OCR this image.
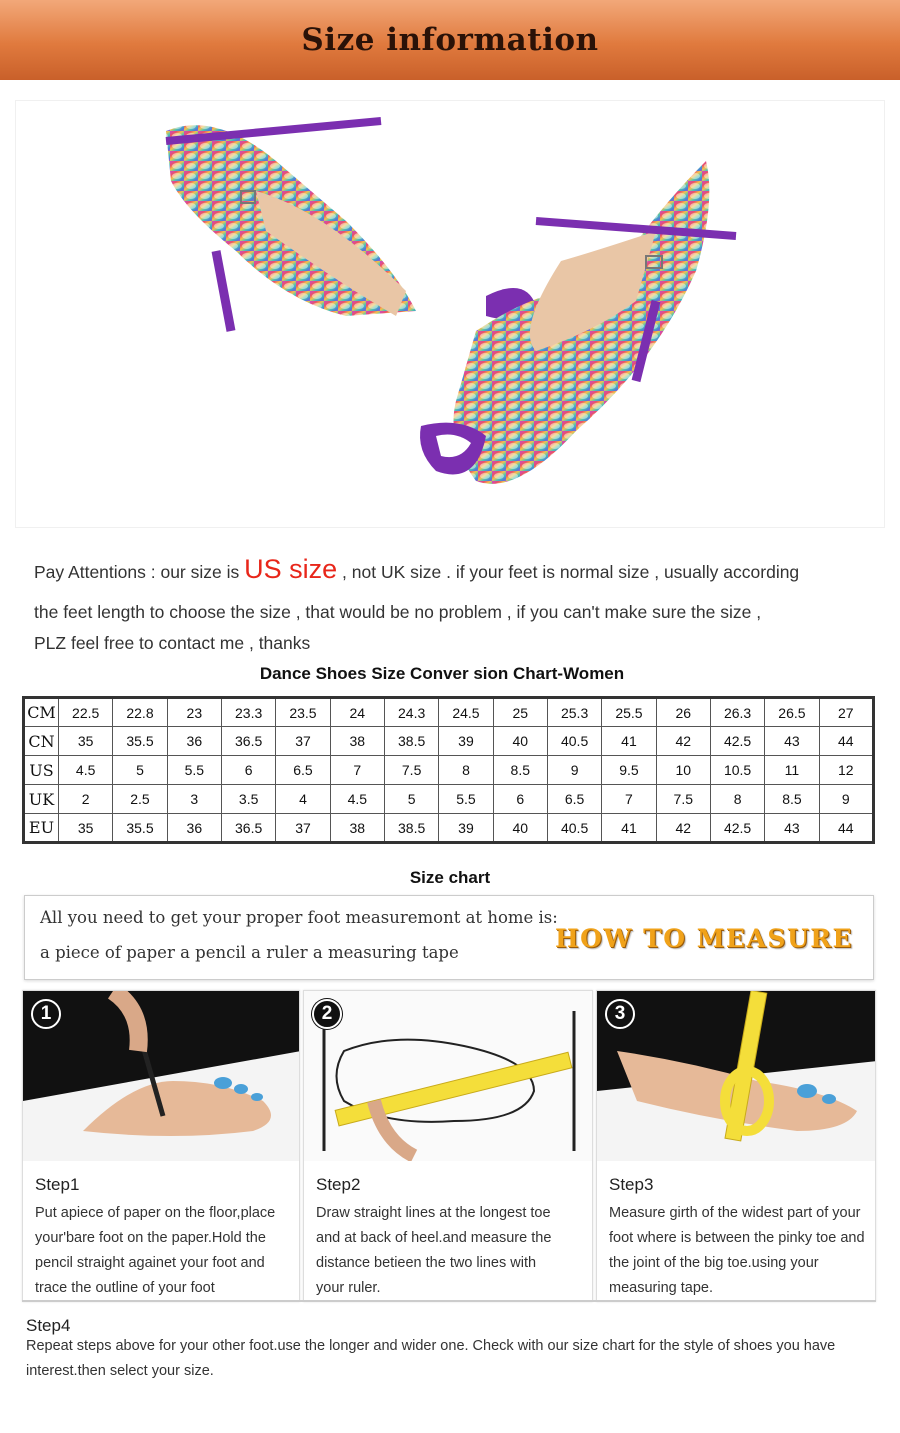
Size information
Pay Attentions : our size is US size , not UK size . if your feet is normal size , usually according
the feet length to choose the size , that would be no problem , if you can't make sure the size ,
PLZ feel free to contact me , thanks
Dance Shoes Size Conver sion Chart-Women
CM	22.5	22.8	23	23.3	23.5	24	24.3	24.5	25	25.3	25.5	26	26.3	26.5	27
CN	35	35.5	36	36.5	37	38	38.5	39	40	40.5	41	42	42.5	43	44
US	4.5	5	5.5	6	6.5	7	7.5	8	8.5	9	9.5	10	10.5	11	12
UK	2	2.5	3	3.5	4	4.5	5	5.5	6	6.5	7	7.5	8	8.5	9
EU	35	35.5	36	36.5	37	38	38.5	39	40	40.5	41	42	42.5	43	44
Size chart
All you need to get your proper foot measuremont at home is:
a piece of paper a pencil a ruler a measuring tape	HOW TO MEASURE
1
Step1
Put apiece of paper on the floor,place
your'bare foot on the paper.Hold the
pencil straight againet your foot and
trace the outline of your foot
2
Step2
Draw straight lines at the longest toe
and at back of heel.and measure the
distance betieen the two lines with
your ruler.
3
Step3
Measure girth of the widest part of your
foot where is between the pinky toe and
the joint of the big toe.using your
measuring tape.
Step4
Repeat steps above for your other foot.use the longer and wider one. Check with our size chart for the style of shoes you have
interest.then select your size.
